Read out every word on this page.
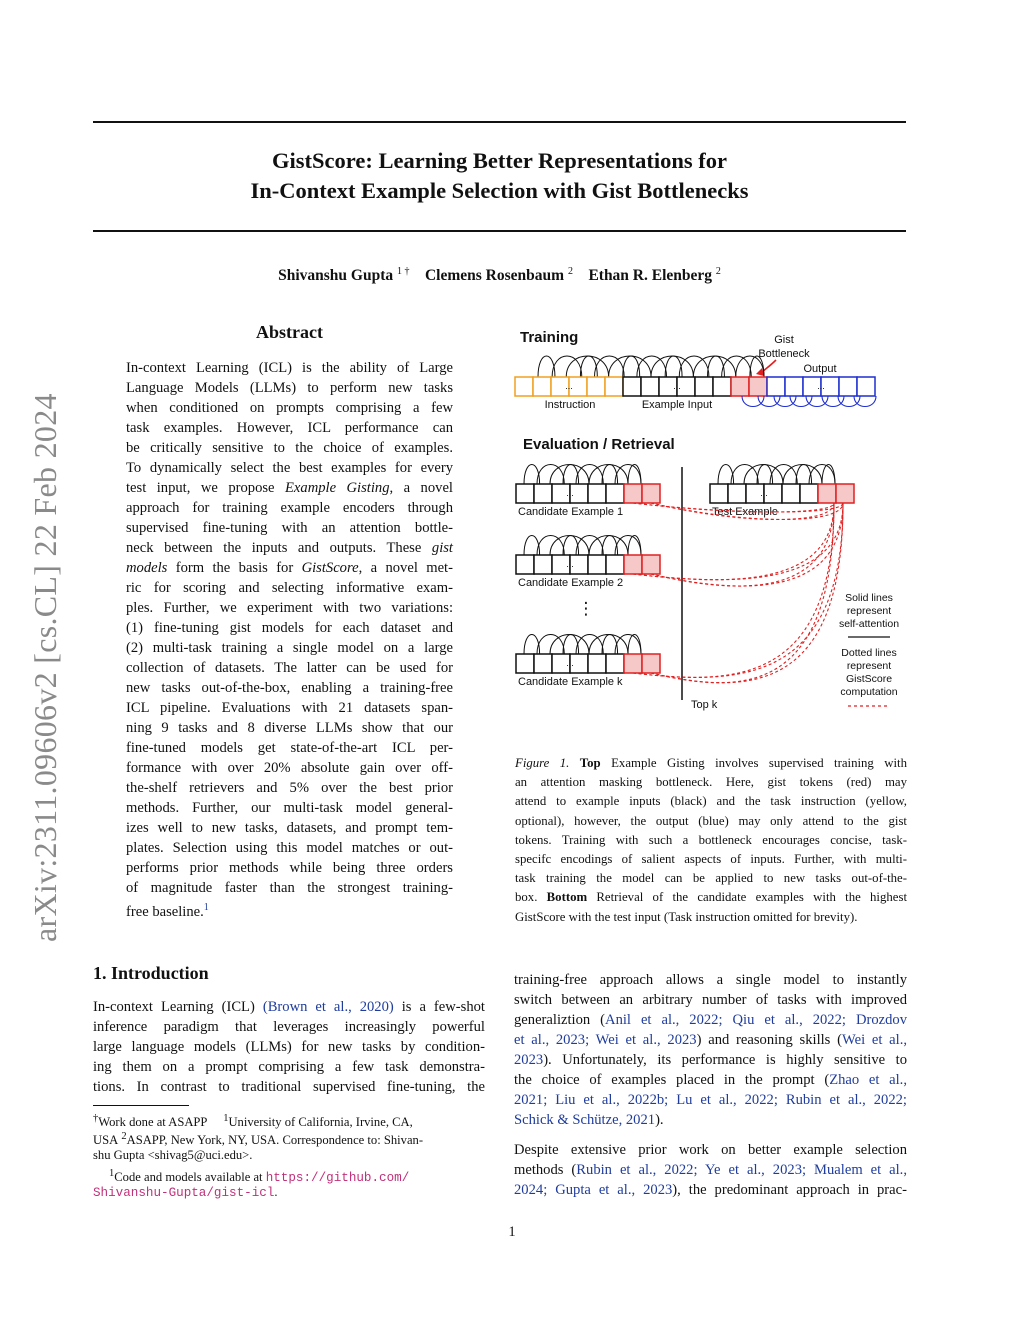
arXiv:2311.09606v2 [cs.CL] 22 Feb 2024
GistScore: Learning Better Representations for
In-Context Example Selection with Gist Bottlenecks
Shivanshu Gupta $^{1 \dagger}$ Clemens Rosenbaum $^2$ Ethan R. Elenberg $^2$
Abstract
In-context Learning (ICL) is the ability of Large
Language Models (LLMs) to perform new tasks
when conditioned on prompts comprising a few
task examples. However, ICL performance can
be critically sensitive to the choice of examples.
To dynamically select the best examples for every
test input, we propose Example Gisting, a novel
approach for training example encoders through
supervised fine-tuning with an attention bottle-
neck between the inputs and outputs. These gist
models form the basis for GistScore, a novel met-
ric for scoring and selecting informative exam-
ples. Further, we experiment with two variations:
(1) fine-tuning gist models for each dataset and
(2) multi-task training a single model on a large
collection of datasets. The latter can be used for
new tasks out-of-the-box, enabling a training-free
ICL pipeline. Evaluations with 21 datasets span-
ning 9 tasks and 8 diverse LLMs show that our
fine-tuned models get state-of-the-art ICL per-
formance with over 20% absolute gain over off-
the-shelf retrievers and 5% over the best prior
methods. Further, our multi-task model general-
izes well to new tasks, datasets, and prompt tem-
plates. Selection using this model matches or out-
performs prior methods while being three orders
of magnitude faster than the strongest training-
free baseline.$^1$
1. Introduction
In-context Learning (ICL) (Brown et al., 2020) is a few-shot
inference paradigm that leverages increasingly powerful
large language models (LLMs) for new tasks by condition-
ing them on a prompt comprising a few task demonstra-
tions. In contrast to traditional supervised fine-tuning, the
training-free approach allows a single model to instantly
switch between an arbitrary number of tasks with improved
generaliztion (Anil et al., 2022; Qiu et al., 2022; Drozdov
et al., 2023; Wei et al., 2023) and reasoning skills (Wei et al.,
2023). Unfortunately, its performance is highly sensitive to
the choice of examples placed in the prompt (Zhao et al.,
2021; Liu et al., 2022b; Lu et al., 2022; Rubin et al., 2022;
Schick & Schütze, 2021).
Despite extensive prior work on better example selection
methods (Rubin et al., 2022; Ye et al., 2023; Mualem et al.,
2024; Gupta et al., 2023), the predominant approach in prac-
†Work done at ASAPP $^1$University of California, Irvine, CA,
USA $^2$ASAPP, New York, NY, USA. Correspondence to: Shivan-
shu Gupta <shivag5@uci.edu>.
$^1$Code and models available at https://github.com/
Shivanshu-Gupta/gist-icl.
Training	Gist
Bottleneck
Output
...	...	...
Instruction	Example Input
Evaluation / Retrieval
...
...
...
...
Candidate Example 1	Test Example
Candidate Example 2
⋮
Candidate Example k
Top k
Solid lines
represent
self-attention
Dotted lines
represent
GistScore
computation
Figure 1. Top Example Gisting involves supervised training with
an attention masking bottleneck. Here, gist tokens (red) may
attend to example inputs (black) and the task instruction (yellow,
optional), however, the output (blue) may only attend to the gist
tokens. Training with such a bottleneck encourages concise, task-
specifc encodings of salient aspects of inputs. Further, with multi-
task training the model can be applied to new tasks out-of-the-
box. Bottom Retrieval of the candidate examples with the highest
GistScore with the test input (Task instruction omitted for brevity).
1
